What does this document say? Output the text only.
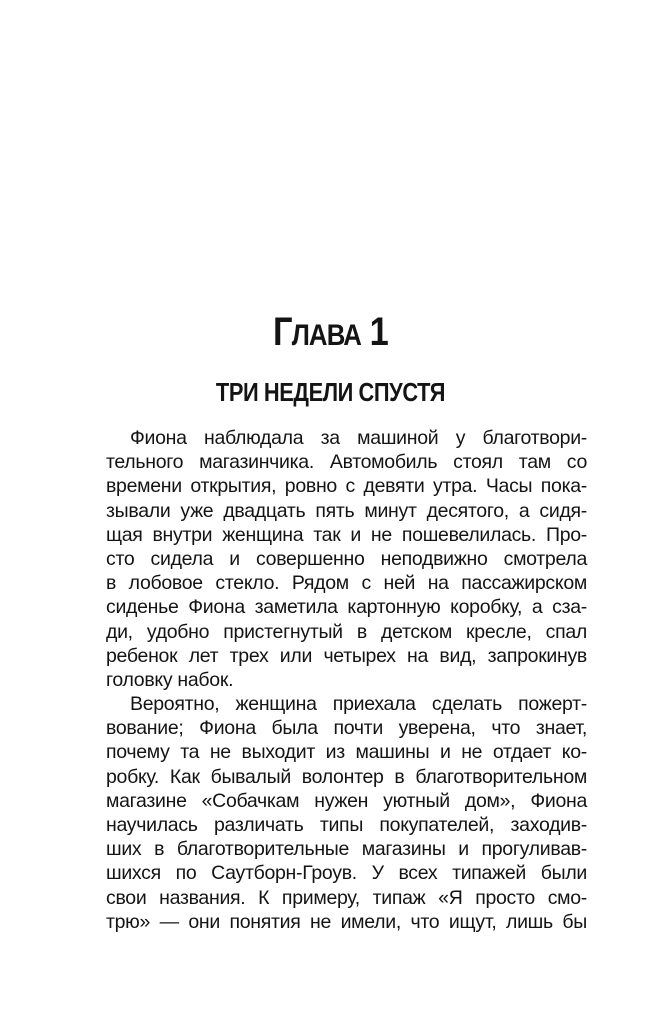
ГЛАВА 1
ТРИ НЕДЕЛИ СПУСТЯ
Фиона наблюдала за машиной у благотвори-
тельного магазинчика. Автомобиль стоял там со
времени открытия, ровно с девяти утра. Часы пока-
зывали уже двадцать пять минут десятого, а сидя-
щая внутри женщина так и не пошевелилась. Про-
сто сидела и совершенно неподвижно смотрела
в лобовое стекло. Рядом с ней на пассажирском
сиденье Фиона заметила картонную коробку, а сза-
ди, удобно пристегнутый в детском кресле, спал
ребенок лет трех или четырех на вид, запрокинув
головку набок.
Вероятно, женщина приехала сделать пожерт-
вование; Фиона была почти уверена, что знает,
почему та не выходит из машины и не отдает ко-
робку. Как бывалый волонтер в благотворительном
магазине «Собачкам нужен уютный дом», Фиона
научилась различать типы покупателей, заходив-
ших в благотворительные магазины и прогуливав-
шихся по Саутборн-Гроув. У всех типажей были
свои названия. К примеру, типаж «Я просто смо-
трю» — они понятия не имели, что ищут, лишь бы
